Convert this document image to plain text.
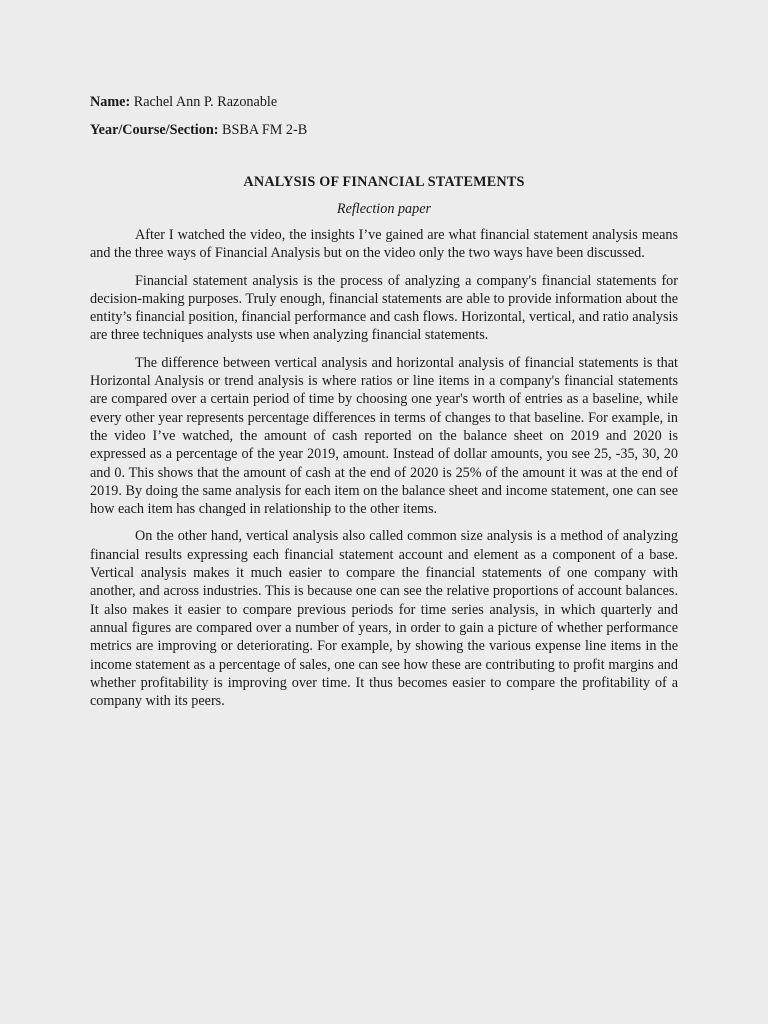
Name: Rachel Ann P. Razonable

Year/Course/Section: BSBA FM 2-B

ANALYSIS OF FINANCIAL STATEMENTS

Reflection paper

After I watched the video, the insights I’ve gained are what financial statement analysis means and the three ways of Financial Analysis but on the video only the two ways have been discussed.

Financial statement analysis is the process of analyzing a company's financial statements for decision-making purposes. Truly enough, financial statements are able to provide information about the entity’s financial position, financial performance and cash flows. Horizontal, vertical, and ratio analysis are three techniques analysts use when analyzing financial statements.

The difference between vertical analysis and horizontal analysis of financial statements is that Horizontal Analysis or trend analysis is where ratios or line items in a company's financial statements are compared over a certain period of time by choosing one year's worth of entries as a baseline, while every other year represents percentage differences in terms of changes to that baseline. For example, in the video I’ve watched, the amount of cash reported on the balance sheet on 2019 and 2020 is expressed as a percentage of the year 2019, amount. Instead of dollar amounts, you see 25, -35, 30, 20 and 0. This shows that the amount of cash at the end of 2020 is 25% of the amount it was at the end of 2019. By doing the same analysis for each item on the balance sheet and income statement, one can see how each item has changed in relationship to the other items.

On the other hand, vertical analysis also called common size analysis is a method of analyzing financial results expressing each financial statement account and element as a component of a base. Vertical analysis makes it much easier to compare the financial statements of one company with another, and across industries. This is because one can see the relative proportions of account balances. It also makes it easier to compare previous periods for time series analysis, in which quarterly and annual figures are compared over a number of years, in order to gain a picture of whether performance metrics are improving or deteriorating. For example, by showing the various expense line items in the income statement as a percentage of sales, one can see how these are contributing to profit margins and whether profitability is improving over time. It thus becomes easier to compare the profitability of a company with its peers.
